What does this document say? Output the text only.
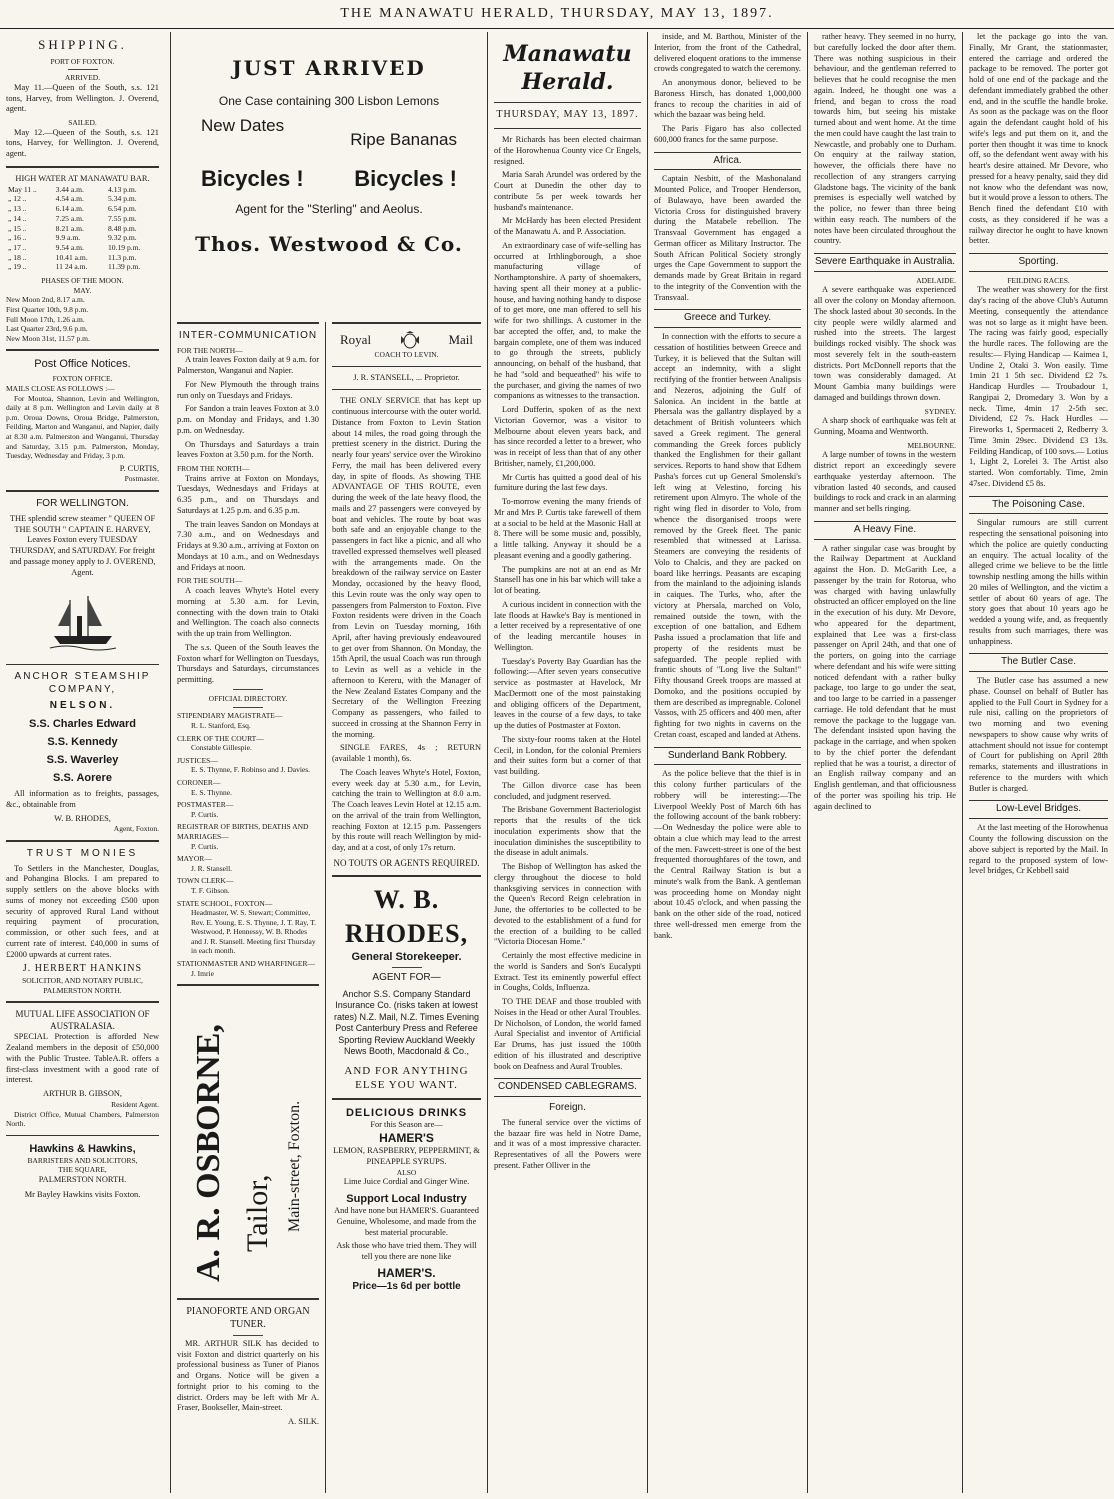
THE MANAWATU HERALD, THURSDAY, MAY 13, 1897.
SHIPPING.
PORT OF FOXTON.
ARRIVED.

May 11.—Queen of the South, s.s. 121 tons, Harvey, from Wellington. J. Overend, agent.

SAILED.

May 12.—Queen of the South, s.s. 121 tons, Harvey, for Wellington. J. Overend, agent.

HIGH WATER AT MANAWATU BAR.
May 11 ..	3.44 a.m.	4.13 p.m.
„ 12 ..	4.54 a.m.	5.34 p.m.
„ 13 ..	6.14 a.m.	6.54 p.m.
„ 14 ..	7.25 a.m.	7.55 p.m.
„ 15 ..	8.21 a.m.	8.48 p.m.
„ 16 ..	9.9 a.m.	9.32 p.m.
„ 17 ..	9.54 a.m.	10.19 p.m.
„ 18 ..	10.41 a.m.	11.3 p.m.
„ 19 ..	11 24 a.m.	11.39 p.m.
PHASES OF THE MOON.
MAY.
New Moon 2nd, 8.17 a.m.
First Quarter 10th, 9.8 p.m.
Full Moon 17th, 1.26 a.m.
Last Quarter 23rd, 9.6 p.m.
New Moon 31st, 11.57 p.m.
Post Office Notices.
FOXTON OFFICE.
MAILS CLOSE AS FOLLOWS :—

For Moutoa, Shannon, Levin and Wellington, daily at 8 p.m. Wellington and Levin daily at 8 p.m. Oroua Downs, Oroua Bridge, Palmerston, Feilding, Marton and Wanganui, and Napier, daily at 8.30 a.m. Palmerston and Wanganui, Thursday and Saturday, 3.15 p.m. Palmerston, Monday, Tuesday, Wednesday and Friday, 3 p.m.

P. CURTIS,
Postmaster.
FOR WELLINGTON.

THE splendid screw steamer " QUEEN OF THE SOUTH " CAPTAIN E. HARVEY, Leaves Foxton every TUESDAY THURSDAY, and SATURDAY. For freight and passage money apply to J. OVEREND, Agent.

ANCHOR STEAMSHIP COMPANY,
NELSON.
S.S. Charles Edward
S.S. Kennedy
S.S. Waverley
S.S. Aorere

All information as to freights, passages, &c., obtainable from

W. B. RHODES,
Agent, Foxton.
TRUST MONIES

To Settlers in the Manchester, Douglas, and Pohangina Blocks. I am prepared to supply settlers on the above blocks with sums of money not exceeding £500 upon security of approved Rural Land without requiring payment of procuration, commission, or other such fees, and at current rate of interest. £40,000 in sums of £2000 upwards at current rates.

J. HERBERT HANKINS
SOLICITOR, AND NOTARY PUBLIC, PALMERSTON NORTH.
MUTUAL LIFE ASSOCIATION OF AUSTRALASIA.

SPECIAL Protection is afforded New Zealand members in the deposit of £50,000 with the Public Trustee. TableA.R. offers a first-class investment with a good rate of interest.

ARTHUR B. GIBSON,
Resident Agent.

District Office, Mutual Chambers, Palmerston North.

Hawkins & Hawkins,
BARRISTERS AND SOLICITORS,
THE SQUARE,
PALMERSTON NORTH.
Mr Bayley Hawkins visits Foxton.
JUST ARRIVED
One Case containing 300 Lisbon Lemons
New Dates
Ripe Bananas
Bicycles ! Bicycles !
Agent for the "Sterling" and Aeolus.
Thos. Westwood & Co.
INTER-COMMUNICATION
FOR THE NORTH—

A train leaves Foxton daily at 9 a.m. for Palmerston, Wanganui and Napier.

For New Plymouth the through trains run only on Tuesdays and Fridays.

For Sandon a train leaves Foxton at 3.0 p.m. on Monday and Fridays, and 1.30 p.m. on Wednesday.

On Thursdays and Saturdays a train leaves Foxton at 3.50 p.m. for the North.

FROM THE NORTH—

Trains arrive at Foxton on Mondays, Tuesdays, Wednesdays and Fridays at 6.35 p.m., and on Thursdays and Saturdays at 1.25 p.m. and 6.35 p.m.

The train leaves Sandon on Mondays at 7.30 a.m., and on Wednesdays and Fridays at 9.30 a.m., arriving at Foxton on Mondays at 10 a.m., and on Wednesdays and Fridays at noon.

FOR THE SOUTH—

A coach leaves Whyte's Hotel every morning at 5.30 a.m. for Levin, connecting with the down train to Otaki and Wellington. The coach also connects with the up train from Wellington.

The s.s. Queen of the South leaves the Foxton wharf for Wellington on Tuesdays, Thursdays and Saturdays, circumstances permitting.

OFFICIAL DIRECTORY.
STIPENDIARY MAGISTRATE—
R. L. Stanford, Esq.
CLERK OF THE COURT—
Constable Gillespie.
JUSTICES—
E. S. Thynne, F. Robinso and J. Davies.
CORONER—
E. S. Thynne.
POSTMASTER—
P. Curtis.
REGISTRAR OF BIRTHS, DEATHS AND MARRIAGES—
P. Curtis.
MAYOR—
J. R. Stansell.
TOWN CLERK—
T. F. Gibson.
STATE SCHOOL, FOXTON—
Headmaster, W. S. Stewart; Committee, Rev. E. Young, E. S. Thynne, J. T. Ray, T. Westwood, P. Hennessy, W. B. Rhodes and J. R. Stansell. Meeting first Thursday in each month.
STATIONMASTER AND WHARFINGER—
J. Imrie
A. R. OSBORNE, Tailor, Main-street, Foxton.
PIANOFORTE AND ORGAN TUNER.

MR. ARTHUR SILK has decided to visit Foxton and district quarterly on his professional business as Tuner of Pianos and Organs. Notice will be given a fortnight prior to his coming to the district. Orders may be left with Mr A. Fraser, Bookseller, Main-street.

A. SILK.
Royal	Mail
COACH TO LEVIN.
J. R. STANSELL, ... Proprietor.

THE ONLY SERVICE that has kept up continuous intercourse with the outer world. Distance from Foxton to Levin Station about 14 miles, the road going through the prettiest scenery in the district. During the nearly four years' service over the Wirokino Ferry, the mail has been delivered every day, in spite of floods. As showing THE ADVANTAGE OF THIS ROUTE, even during the week of the late heavy flood, the mails and 27 passengers were conveyed by boat and vehicles. The route by boat was both safe and an enjoyable change to the passengers in fact like a picnic, and all who travelled expressed themselves well pleased with the arrangements made. On the breakdown of the railway service on Easter Monday, occasioned by the heavy flood, this Levin route was the only way open to passengers from Palmerston to Foxton. Five Foxton residents were driven in the Coach from Levin on Tuesday morning, 16th April, after having previously endeavoured to get over from Shannon. On Monday, the 15th April, the usual Coach was run through to Levin as well as a vehicle in the afternoon to Kereru, with the Manager of the New Zealand Estates Company and the Secretary of the Wellington Freezing Company as passengers, who failed to succeed in crossing at the Shannon Ferry in the morning.

SINGLE FARES, 4s ; RETURN (available 1 month), 6s.

The Coach leaves Whyte's Hotel, Foxton, every week day at 5.30 a.m., for Levin, catching the train to Wellington at 8.0 a.m. The Coach leaves Levin Hotel at 12.15 a.m. on the arrival of the train from Wellington, reaching Foxton at 12.15 p.m. Passengers by this route will reach Wellington by mid-day, and at a cost, of only 17s return.

NO TOUTS OR AGENTS REQUIRED.
W. B. RHODES,
General Storekeeper.
AGENT FOR—

Anchor S.S. Company Standard Insurance Co. (risks taken at lowest rates) N.Z. Mail, N.Z. Times Evening Post Canterbury Press and Referee Sporting Review Auckland Weekly News Booth, Macdonald & Co.,

AND FOR ANYTHING ELSE YOU WANT.
DELICIOUS DRINKS
For this Season are—
HAMER'S
LEMON, RASPBERRY, PEPPERMINT, & PINEAPPLE SYRUPS.
ALSO
Lime Juice Cordial and Ginger Wine.
Support Local Industry

And have none but HAMER'S. Guaranteed Genuine, Wholesome, and made from the best material procurable.

Ask those who have tried them. They will tell you there are none like

HAMER'S.
Price—1s 6d per bottle
Manawatu Herald.
THURSDAY, MAY 13, 1897.

Mr Richards has been elected chairman of the Horowhenua County vice Cr Engels, resigned.

Maria Sarah Arundel was ordered by the Court at Dunedin the other day to contribute 5s per week towards her husband's maintenance.

Mr McHardy has been elected President of the Manawatu A. and P. Association.

An extraordinary case of wife-selling has occurred at Irthlingborough, a shoe manufacturing village of Northamptonshire. A party of shoemakers, having spent all their money at a public-house, and having nothing handy to dispose of to get more, one man offered to sell his wife for two shillings. A customer in the bar accepted the offer, and, to make the bargain complete, one of them was induced to go through the streets, publicly announcing, on behalf of the husband, that he had "sold and bequeathed" his wife to the purchaser, and giving the names of two companions as witnesses to the transaction.

Lord Dufferin, spoken of as the next Victorian Governor, was a visitor to Melbourne about eleven years back, and has since recorded a letter to a brewer, who was in receipt of less than that of any other Britisher, namely, £1,200,000.

Mr Curtis has quitted a good deal of his furniture during the last few days.

To-morrow evening the many friends of Mr and Mrs P. Curtis take farewell of them at a social to be held at the Masonic Hall at 8. There will be some music and, possibly, a little talking. Anyway it should be a pleasant evening and a goodly gathering.

The pumpkins are not at an end as Mr Stansell has one in his bar which will take a lot of beating.

A curious incident in connection with the late floods at Hawke's Bay is mentioned in a letter received by a representative of one of the leading mercantile houses in Wellington.

Tuesday's Poverty Bay Guardian has the following:—After seven years consecutive service as postmaster at Havelock, Mr MacDermott one of the most painstaking and obliging officers of the Department, leaves in the course of a few days, to take up the duties of Postmaster at Foxton.

The sixty-four rooms taken at the Hotel Cecil, in London, for the colonial Premiers and their suites form but a corner of that vast building.

The Gillon divorce case has been concluded, and judgment reserved.

The Brisbane Government Bacteriologist reports that the results of the tick inoculation experiments show that the inoculation diminishes the susceptibility to the disease in adult animals.

The Bishop of Wellington has asked the clergy throughout the diocese to hold thanksgiving services in connection with the Queen's Record Reign celebration in June, the offertories to be collected to be devoted to the establishment of a fund for the erection of a building to be called "Victoria Diocesan Home."

Certainly the most effective medicine in the world is Sanders and Son's Eucalypti Extract. Test its eminently powerful effect in Coughs, Colds, Influenza.

TO THE DEAF and those troubled with Noises in the Head or other Aural Troubles. Dr Nicholson, of London, the world famed Aural Specialist and inventor of Artificial Ear Drums, has just issued the 100th edition of his illustrated and descriptive book on Deafness and Aural Troubles.

CONDENSED CABLEGRAMS.
Foreign.

The funeral service over the victims of the bazaar fire was held in Notre Dame, and it was of a most impressive character. Representatives of all the Powers were present. Father Olliver in the

inside, and M. Barthou, Minister of the Interior, from the front of the Cathedral, delivered eloquent orations to the immense crowds congregated to watch the ceremony.

An anonymous donor, believed to be Baroness Hirsch, has donated 1,000,000 francs to recoup the charities in aid of which the bazaar was being held.

The Paris Figaro has also collected 600,000 francs for the same purpose.

Africa.

Captain Nesbitt, of the Mashonaland Mounted Police, and Trooper Henderson, of Bulawayo, have been awarded the Victoria Cross for distinguished bravery during the Matabele rebellion. The Transvaal Government has engaged a German officer as Military Instructor. The South African Political Society strongly urges the Cape Government to support the demands made by Great Britain in regard to the integrity of the Convention with the Transvaal.

Greece and Turkey.

In connection with the efforts to secure a cessation of hostilities between Greece and Turkey, it is believed that the Sultan will accept an indemnity, with a slight rectifying of the frontier between Analipsis and Nezeros, adjoining the Gulf of Salonica. An incident in the battle at Phersala was the gallantry displayed by a detachment of British volunteers which saved a Greek regiment. The general commanding the Greek forces publicly thanked the Englishmen for their gallant services. Reports to hand show that Edhem Pasha's forces cut up General Smolenski's left wing at Velestino, forcing his retirement upon Almyro. The whole of the right wing fled in disorder to Volo, from whence the disorganised troops were removed by the Greek fleet. The panic resembled that witnessed at Larissa. Steamers are conveying the residents of Volo to Chalcis, and they are packed on board like herrings. Peasants are escaping from the mainland to the adjoining islands in caiques. The Turks, who, after the victory at Phersala, marched on Volo, remained outside the town, with the exception of one battalion, and Edhem Pasha issued a proclamation that life and property of the residents must be safeguarded. The people replied with frantic shouts of "Long live the Sultan!" Fifty thousand Greek troops are massed at Domoko, and the positions occupied by them are described as impregnable. Colonel Vassos, with 25 officers and 400 men, after fighting for two nights in caverns on the Cretan coast, escaped and landed at Athens.

Sunderland Bank Robbery.

As the police believe that the thief is in this colony further particulars of the robbery will be interesting:—The Liverpool Weekly Post of March 6th has the following account of the bank robbery:—On Wednesday the police were able to obtain a clue which may lead to the arrest of the men. Fawcett-street is one of the best frequented thoroughfares of the town, and the Central Railway Station is but a minute's walk from the Bank. A gentleman was proceeding home on Monday night about 10.45 o'clock, and when passing the bank on the other side of the road, noticed three well-dressed men emerge from the bank.

rather heavy. They seemed in no hurry, but carefully locked the door after them. There was nothing suspicious in their behaviour, and the gentleman referred to believes that he could recognise the men again. Indeed, he thought one was a friend, and began to cross the road towards him, but seeing his mistake turned about and went home. At the time the men could have caught the last train to Newcastle, and probably one to Durham. On enquiry at the railway station, however, the officials there have no recollection of any strangers carrying Gladstone bags. The vicinity of the bank premises is especially well watched by the police, no fewer than three being within easy reach. The numbers of the notes have been circulated throughout the country.

Severe Earthquake in Australia.
ADELAIDE.

A severe earthquake was experienced all over the colony on Monday afternoon. The shock lasted about 30 seconds. In the city people were wildly alarmed and rushed into the streets. The largest buildings rocked visibly. The shock was most severely felt in the south-eastern districts. Port McDonnell reports that the town was considerably damaged. At Mount Gambia many buildings were damaged and buildings thrown down.

SYDNEY.

A sharp shock of earthquake was felt at Gunning, Moama and Wentworth.

MELBOURNE.

A large number of towns in the western district report an exceedingly severe earthquake yesterday afternoon. The vibration lasted 40 seconds, and caused buildings to rock and crack in an alarming manner and set bells ringing.

A Heavy Fine.

A rather singular case was brought by the Railway Department at Auckland against the Hon. D. McGarith Lee, a passenger by the train for Rotorua, who was charged with having unlawfully obstructed an officer employed on the line in the execution of his duty. Mr Devore, who appeared for the department, explained that Lee was a first-class passenger on April 24th, and that one of the porters, on going into the carriage where defendant and his wife were sitting noticed defendant with a rather bulky package, too large to go under the seat, and too large to be carried in a passenger carriage. He told defendant that he must remove the package to the luggage van. The defendant insisted upon having the package in the carriage, and when spoken to by the chief porter the defendant replied that he was a tourist, a director of an English railway company and an English gentleman, and that officiousness of the porter was spoiling his trip. He again declined to

let the package go into the van. Finally, Mr Grant, the stationmaster, entered the carriage and ordered the package to be removed. The porter got hold of one end of the package and the defendant immediately grabbed the other end, and in the scuffle the handle broke. As soon as the package was on the floor again the defendant caught hold of his wife's legs and put them on it, and the porter then thought it was time to knock off, so the defendant went away with his heart's desire attained. Mr Devore, who pressed for a heavy penalty, said they did not know who the defendant was now, but it would prove a lesson to others. The Bench fined the defendant £10 with costs, as they considered if he was a railway director he ought to have known better.

Sporting.
FEILDING RACES.

The weather was showery for the first day's racing of the above Club's Autumn Meeting, consequently the attendance was not so large as it might have been. The racing was fairly good, especially the hurdle races. The following are the results:— Flying Handicap — Kaimea 1, Undine 2, Otaki 3. Won easily. Time 1min 21 1 5th sec. Dividend £2 7s. Handicap Hurdles — Troubadour 1, Rangipai 2, Dromedary 3. Won by a neck. Time, 4min 17 2-5th sec. Dividend, £2 7s. Hack Hurdles — Fireworks 1, Spermaceti 2, Redberry 3. Time 3min 29sec. Dividend £3 13s. Feilding Handicap, of 100 sovs.— Lotius 1, Light 2, Lorelei 3. The Artist also started. Won comfortably. Time, 2min 47sec. Dividend £5 8s.

The Poisoning Case.

Singular rumours are still current respecting the sensational poisoning into which the police are quietly conducting an enquiry. The actual locality of the alleged crime we believe to be the little township nestling among the hills within 20 miles of Wellington, and the victim a settler of about 60 years of age. The story goes that about 10 years ago he wedded a young wife, and, as frequently results from such marriages, there was unhappiness.

The Butler Case.

The Butler case has assumed a new phase. Counsel on behalf of Butler has applied to the Full Court in Sydney for a rule nisi, calling on the proprietors of two morning and two evening newspapers to show cause why writs of attachment should not issue for contempt of Court for publishing on April 28th remarks, statements and illustrations in reference to the murders with which Butler is charged.

Low-Level Bridges.

At the last meeting of the Horowhenua County the following discussion on the above subject is reported by the Mail. In regard to the proposed system of low-level bridges, Cr Kebbell said
